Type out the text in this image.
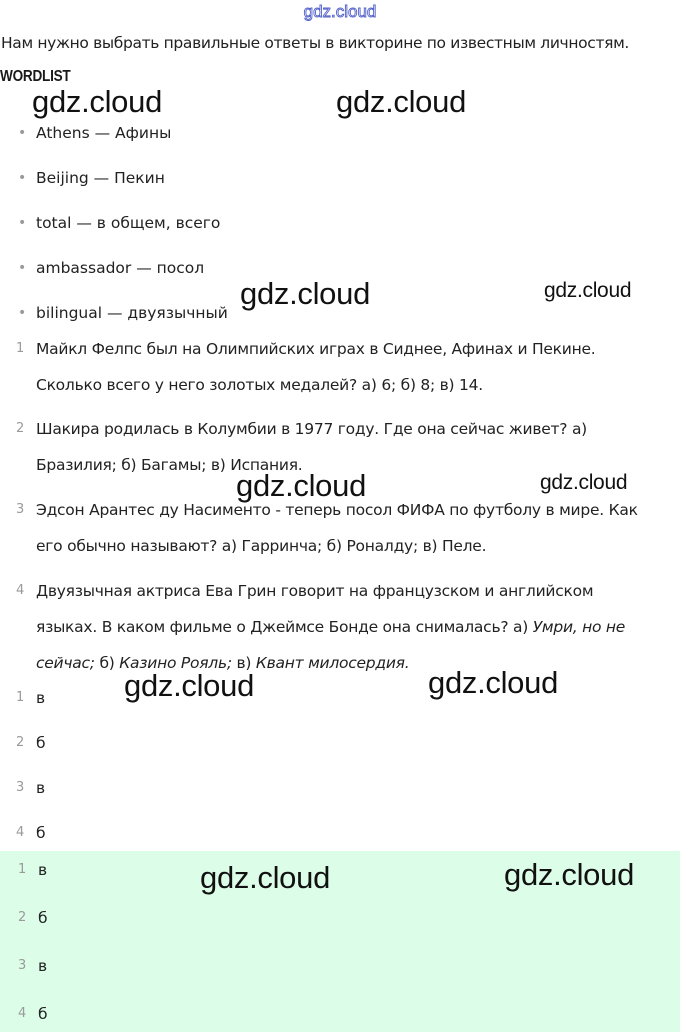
gdz.cloud
Нам нужно выбрать правильные ответы в викторине по известным личностям.
WORDLIST
• Athens — Афины
• Beijing — Пекин
• total — в общем, всего
• ambassador — посол
• bilingual — двуязычный
1 Майкл Фелпс был на Олимпийских играх в Сиднее, Афинах и Пекине.
Сколько всего у него золотых медалей? а) 6; б) 8; в) 14.
2 Шакира родилась в Колумбии в 1977 году. Где она сейчас живет? а)
Бразилия; б) Багамы; в) Испания.
3 Эдсон Арантес ду Насименто - теперь посол ФИФА по футболу в мире. Как
его обычно называют? а) Гарринча; б) Роналду; в) Пеле.
4 Двуязычная актриса Ева Грин говорит на французском и английском
языках. В каком фильме о Джеймсе Бонде она снималась? а) Умри, но не
сейчас; б) Казино Рояль; в) Квант милосердия.
1 в
2 б
3 в
4 б
1 в
2 б
3 в
4 б
gdz.cloud	gdz.cloud
gdz.cloud	gdz.cloud
gdz.cloud	gdz.cloud
gdz.cloud	gdz.cloud
gdz.cloud	gdz.cloud
